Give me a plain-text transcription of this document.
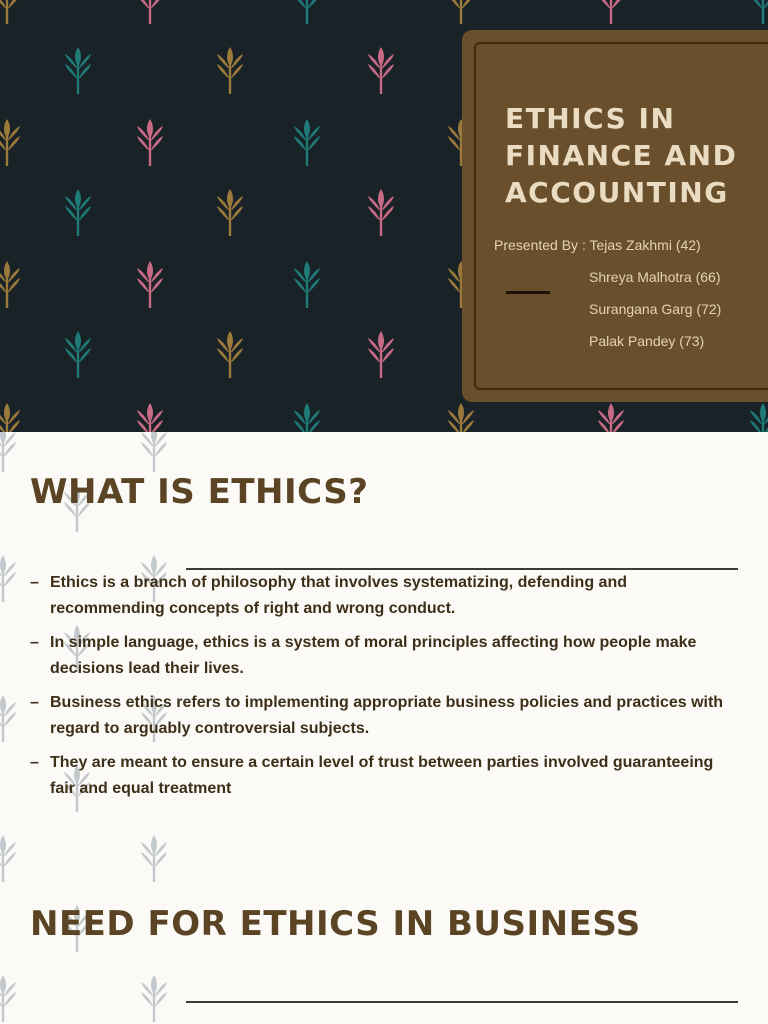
ETHICS IN FINANCE AND ACCOUNTING
Presented By : Tejas Zakhmi (42)
Shreya Malhotra (66)
Surangana Garg (72)
Palak Pandey (73)
WHAT IS ETHICS?
– Ethics is a branch of philosophy that involves systematizing, defending and recommending concepts of right and wrong conduct.
– In simple language, ethics is a system of moral principles affecting how people make decisions lead their lives.
– Business ethics refers to implementing appropriate business policies and practices with regard to arguably controversial subjects.
– They are meant to ensure a certain level of trust between parties involved guaranteeing fair and equal treatment
NEED FOR ETHICS IN BUSINESS
